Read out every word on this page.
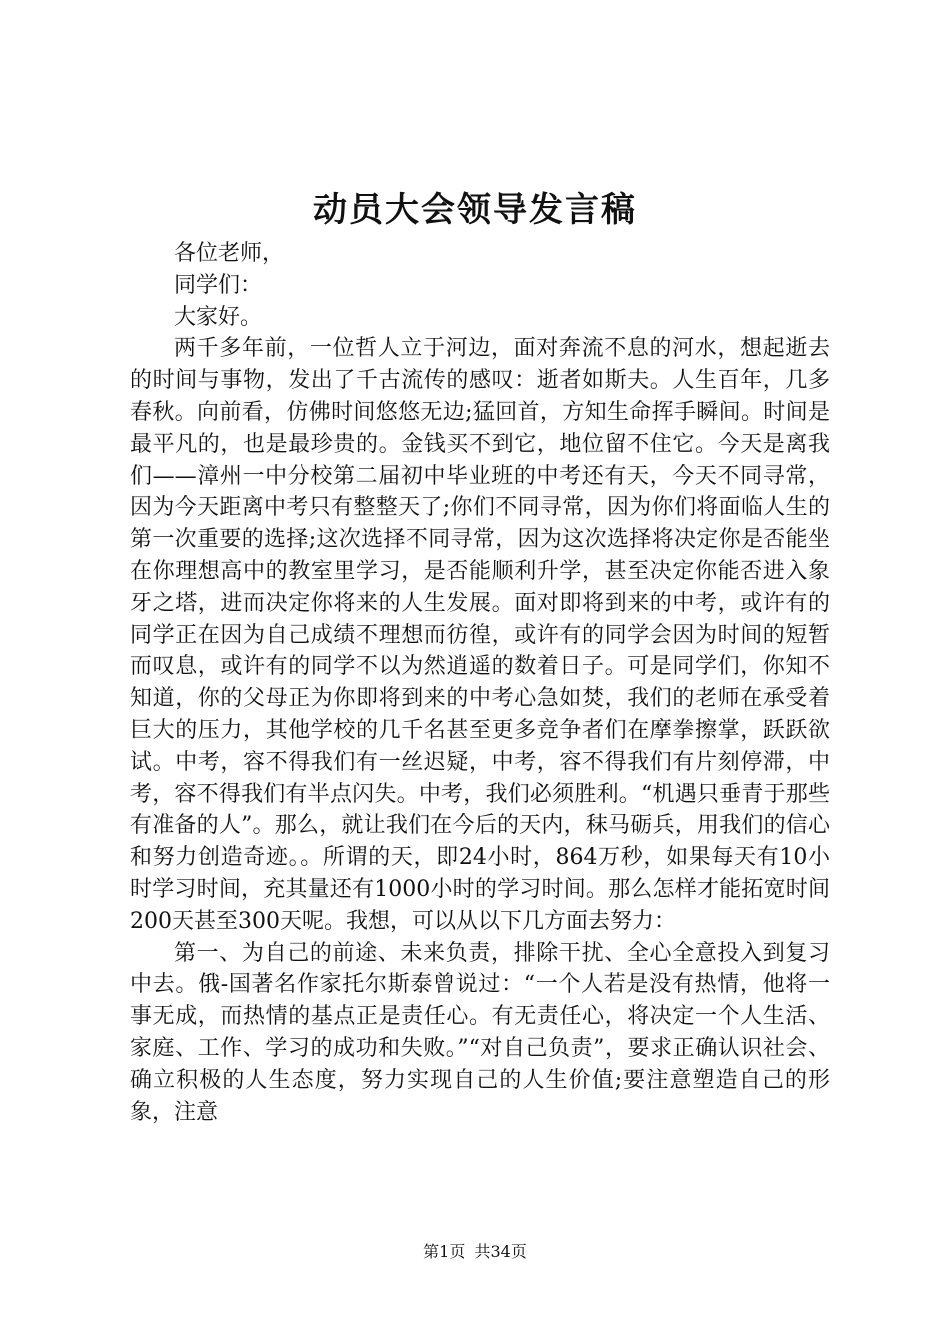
动员大会领导发言稿

各位老师，

同学们：

大家好。

两千多年前，一位哲人立于河边，面对奔流不息的河水，想起逝去的时间与事物，发出了千古流传的感叹：逝者如斯夫。人生百年，几多春秋。向前看，仿佛时间悠悠无边;猛回首，方知生命挥手瞬间。时间是最平凡的，也是最珍贵的。金钱买不到它，地位留不住它。今天是离我们——漳州一中分校第二届初中毕业班的中考还有天，今天不同寻常，因为今天距离中考只有整整天了;你们不同寻常，因为你们将面临人生的第一次重要的选择;这次选择不同寻常，因为这次选择将决定你是否能坐在你理想高中的教室里学习，是否能顺利升学，甚至决定你能否进入象牙之塔，进而决定你将来的人生发展。面对即将到来的中考，或许有的同学正在因为自己成绩不理想而彷徨，或许有的同学会因为时间的短暂而叹息，或许有的同学不以为然逍遥的数着日子。可是同学们，你知不知道，你的父母正为你即将到来的中考心急如焚，我们的老师在承受着巨大的压力，其他学校的几千名甚至更多竞争者们在摩拳擦掌，跃跃欲试。中考，容不得我们有一丝迟疑，中考，容不得我们有片刻停滞，中考，容不得我们有半点闪失。中考，我们必须胜利。“机遇只垂青于那些有准备的人”。那么，就让我们在今后的天内，秣马砺兵，用我们的信心和努力创造奇迹。。所谓的天，即24小时，864万秒，如果每天有10小时学习时间，充其量还有1000小时的学习时间。那么怎样才能拓宽时间200天甚至300天呢。我想，可以从以下几方面去努力：

第一、为自己的前途、未来负责，排除干扰、全心全意投入到复习中去。俄-国著名作家托尔斯泰曾说过：“一个人若是没有热情，他将一事无成，而热情的基点正是责任心。有无责任心，将决定一个人生活、家庭、工作、学习的成功和失败。”“对自己负责”，要求正确认识社会、确立积极的人生态度，努力实现自己的人生价值;要注意塑造自己的形象，注意

第1页 共34页
